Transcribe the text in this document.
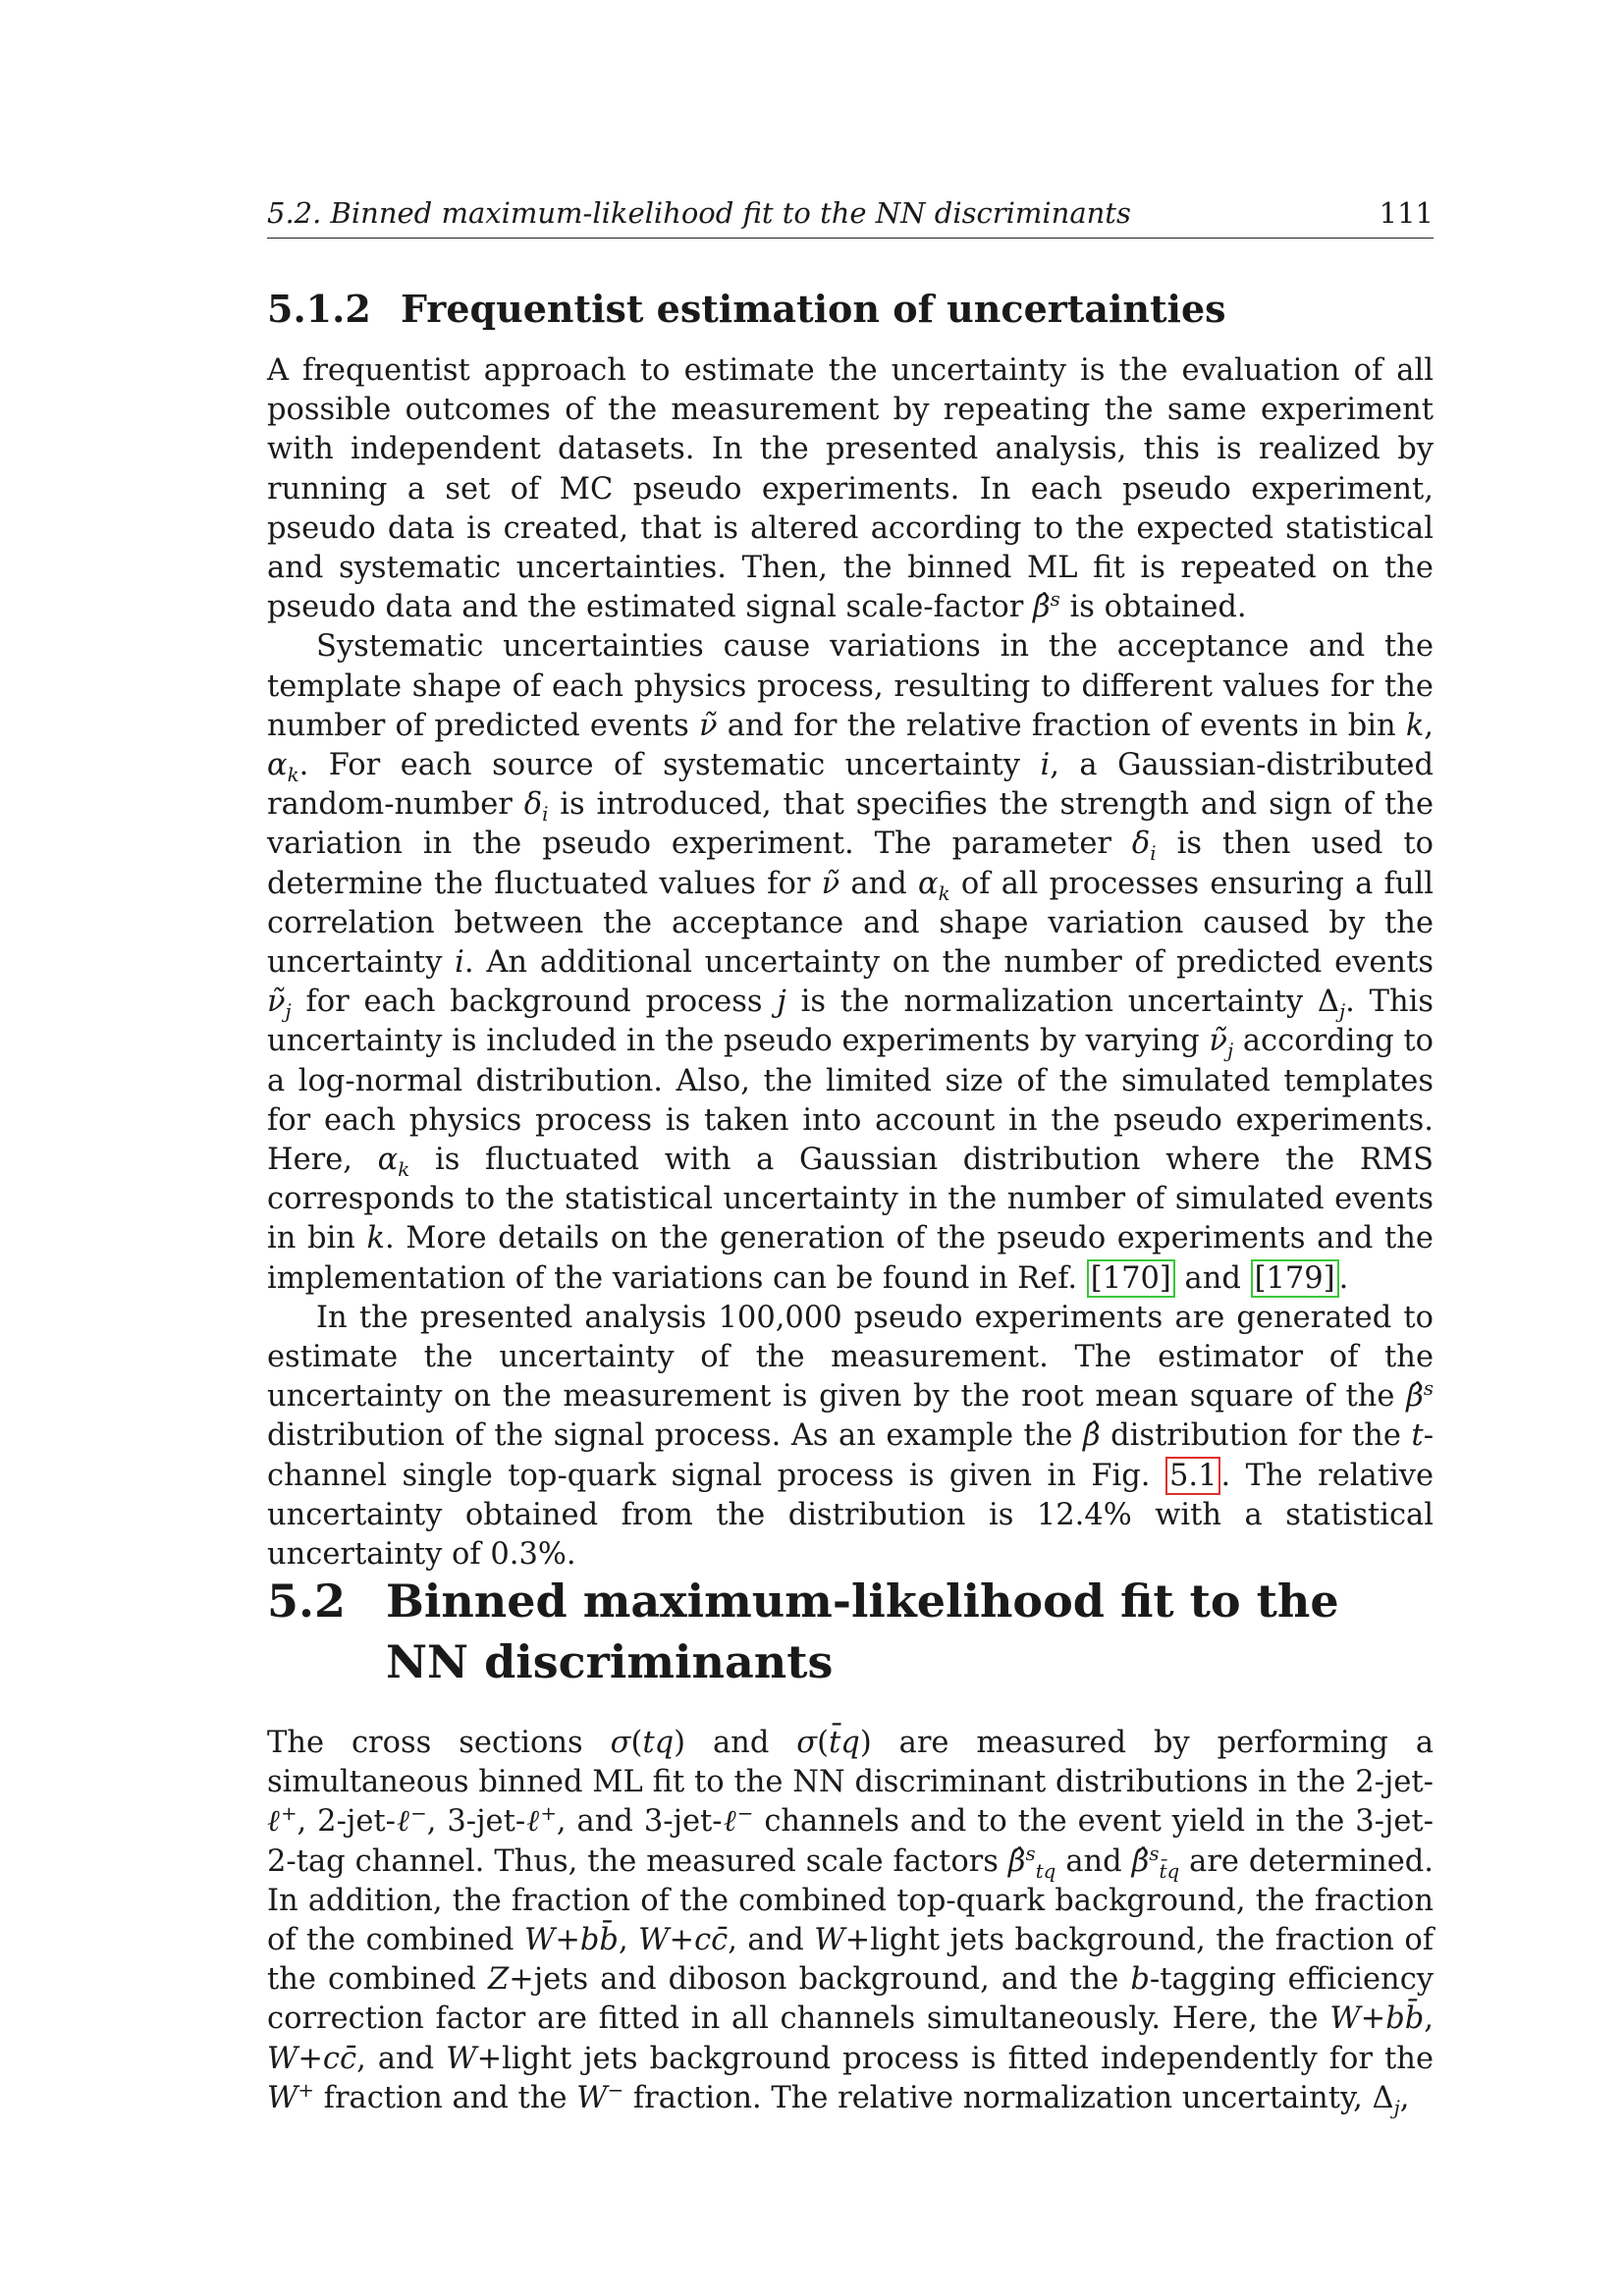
5.2. Binned maximum-likelihood fit to the NN discriminants	111
5.1.2 Frequentist estimation of uncertainties

A frequentist approach to estimate the uncertainty is the evaluation of all possible outcomes of the measurement by repeating the same experiment with independent datasets. In the presented analysis, this is realized by running a set of MC pseudo experiments. In each pseudo experiment, pseudo data is created, that is altered according to the expected statistical and systematic uncertainties. Then, the binned ML fit is repeated on the pseudo data and the estimated signal scale-factor β̂$^s$ is obtained.

Systematic uncertainties cause variations in the acceptance and the template shape of each physics process, resulting to different values for the number of predicted events ν̃ and for the relative fraction of events in bin k, $\alpha_k$. For each source of systematic uncertainty i, a Gaussian-distributed random-number $\delta_i$ is introduced, that specifies the strength and sign of the variation in the pseudo experiment. The parameter $\delta_i$ is then used to determine the fluctuated values for ν̃ and $\alpha_k$ of all processes ensuring a full correlation between the acceptance and shape variation caused by the uncertainty i. An additional uncertainty on the number of predicted events $\nũ_j$ for each background process j is the normalization uncertainty $\Delta_j$. This uncertainty is included in the pseudo experiments by varying $\nũ_j$ according to a log-normal distribution. Also, the limited size of the simulated templates for each physics process is taken into account in the pseudo experiments. Here, $\alpha_k$ is fluctuated with a Gaussian distribution where the RMS corresponds to the statistical uncertainty in the number of simulated events in bin k. More details on the generation of the pseudo experiments and the implementation of the variations can be found in Ref. [170] and [179] .

In the presented analysis 100,000 pseudo experiments are generated to estimate the uncertainty of the measurement. The estimator of the uncertainty on the measurement is given by the root mean square of the β̂$^s$ distribution of the signal process. As an example the β̂ distribution for the t-channel single top-quark signal process is given in Fig. 5.1 . The relative uncertainty obtained from the distribution is 12.4% with a statistical uncertainty of 0.3%.

5.2 Binned maximum-likelihood fit to the NN discriminants

The cross sections σ(tq) and σ(t̄q) are measured by performing a simultaneous binned ML fit to the NN discriminant distributions in the 2-jet-ℓ+, 2-jet-ℓ−, 3-jet-ℓ+, and 3-jet-ℓ− channels and to the event yield in the 3-jet-2-tag channel. Thus, the measured scale factors β̂$^s_{tq}$ and β̂$^s_{t̄q}$ are determined. In addition, the fraction of the combined top-quark background, the fraction of the combined W+bb̄, W+cc̄, and W+light jets background, the fraction of the combined Z+jets and diboson background, and the b-tagging efficiency correction factor are fitted in all channels simultaneously. Here, the W+bb̄, W+cc̄, and W+light jets background process is fitted independently for the W+ fraction and the W− fraction. The relative normalization uncertainty, $\Delta_j$,
